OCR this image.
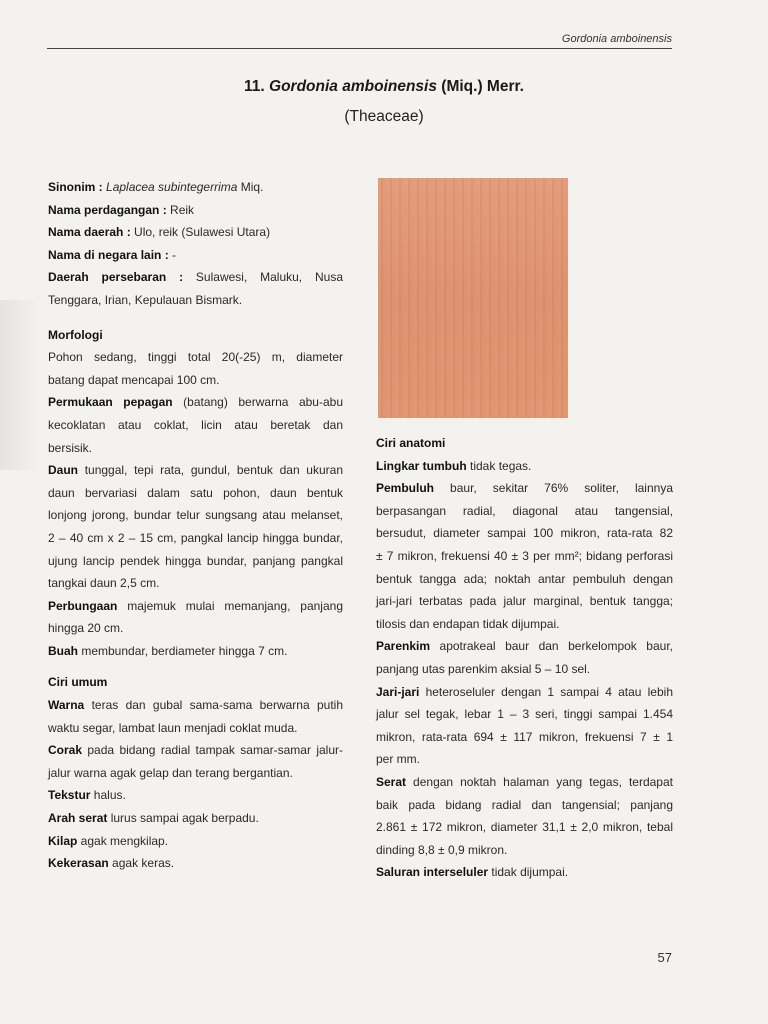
Gordonia amboinensis
11. Gordonia amboinensis (Miq.) Merr.
(Theaceae)
Sinonim : Laplacea subintegerrima Miq.
Nama perdagangan : Reik
Nama daerah : Ulo, reik (Sulawesi Utara)
Nama di negara lain : -
Daerah persebaran : Sulawesi, Maluku, Nusa
Tenggara, Irian, Kepulauan Bismark.
Morfologi
Pohon sedang, tinggi total 20(-25) m, diameter
batang dapat mencapai 100 cm.
Permukaan pepagan (batang) berwarna abu-abu
kecoklatan atau coklat, licin atau beretak dan
bersisik.
Daun tunggal, tepi rata, gundul, bentuk dan ukuran
daun bervariasi dalam satu pohon, daun bentuk
lonjong jorong, bundar telur sungsang atau melanset,
2 – 40 cm x 2 – 15 cm, pangkal lancip hingga bundar,
ujung lancip pendek hingga bundar, panjang pangkal
tangkai daun 2,5 cm.
Perbungaan majemuk mulai memanjang, panjang
hingga 20 cm.
Buah membundar, berdiameter hingga 7 cm.
Ciri umum
Warna teras dan gubal sama-sama berwarna putih
waktu segar, lambat laun menjadi coklat muda.
Corak pada bidang radial tampak samar-samar jalur-
jalur warna agak gelap dan terang bergantian.
Tekstur halus.
Arah serat lurus sampai agak berpadu.
Kilap agak mengkilap.
Kekerasan agak keras.
Ciri anatomi
Lingkar tumbuh tidak tegas.
Pembuluh baur, sekitar 76% soliter, lainnya
berpasangan radial, diagonal atau tangensial,
bersudut, diameter sampai 100 mikron, rata-rata 82
± 7 mikron, frekuensi 40 ± 3 per mm²; bidang perforasi
bentuk tangga ada; noktah antar pembuluh dengan
jari-jari terbatas pada jalur marginal, bentuk tangga;
tilosis dan endapan tidak dijumpai.
Parenkim apotrakeal baur dan berkelompok baur,
panjang utas parenkim aksial 5 – 10 sel.
Jari-jari heteroseluler dengan 1 sampai 4 atau lebih
jalur sel tegak, lebar 1 – 3 seri, tinggi sampai 1.454
mikron, rata-rata 694 ± 117 mikron, frekuensi 7 ± 1
per mm.
Serat dengan noktah halaman yang tegas, terdapat
baik pada bidang radial dan tangensial; panjang
2.861 ± 172 mikron, diameter 31,1 ± 2,0 mikron, tebal
dinding 8,8 ± 0,9 mikron.
Saluran interseluler tidak dijumpai.
57
